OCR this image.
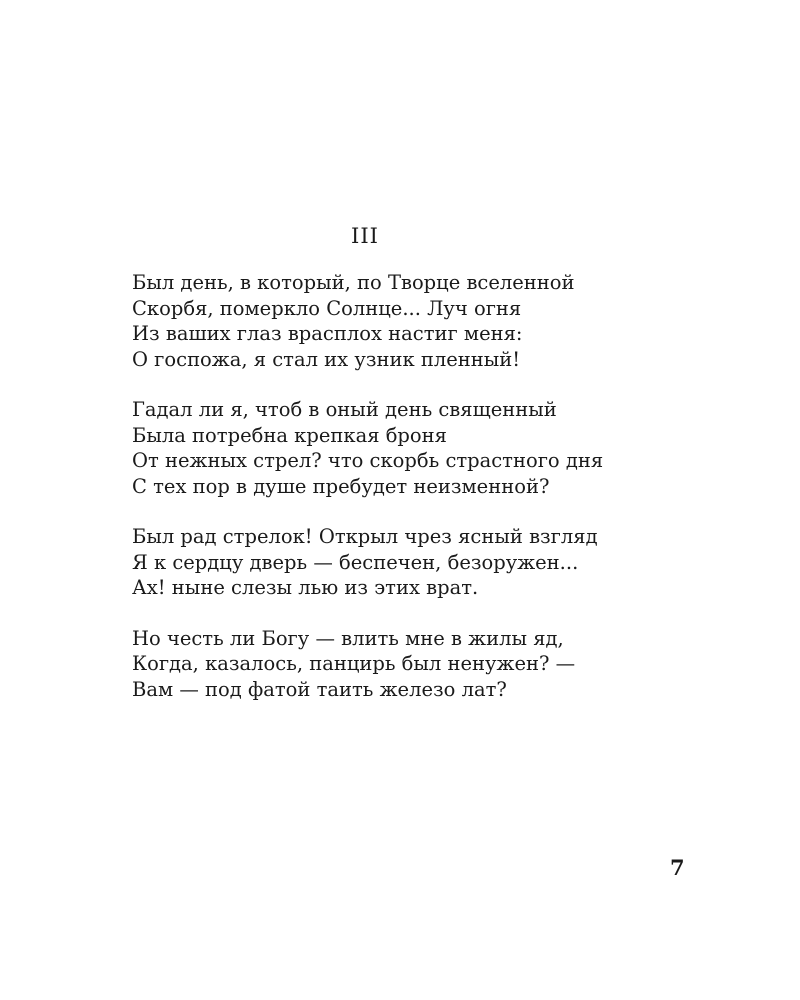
III
Был день, в который, по Творце вселенной
Скорбя, померкло Солнце... Луч огня
Из ваших глаз врасплох настиг меня:
О госпожа, я стал их узник пленный!
Гадал ли я, чтоб в оный день священный
Была потребна крепкая броня
От нежных стрел? что скорбь страстного дня
С тех пор в душе пребудет неизменной?
Был рад стрелок! Открыл чрез ясный взгляд
Я к сердцу дверь — беспечен, безоружен...
Ах! ныне слезы лью из этих врат.
Но честь ли Богу — влить мне в жилы яд,
Когда, казалось, панцирь был ненужен? —
Вам — под фатой таить железо лат?
7
